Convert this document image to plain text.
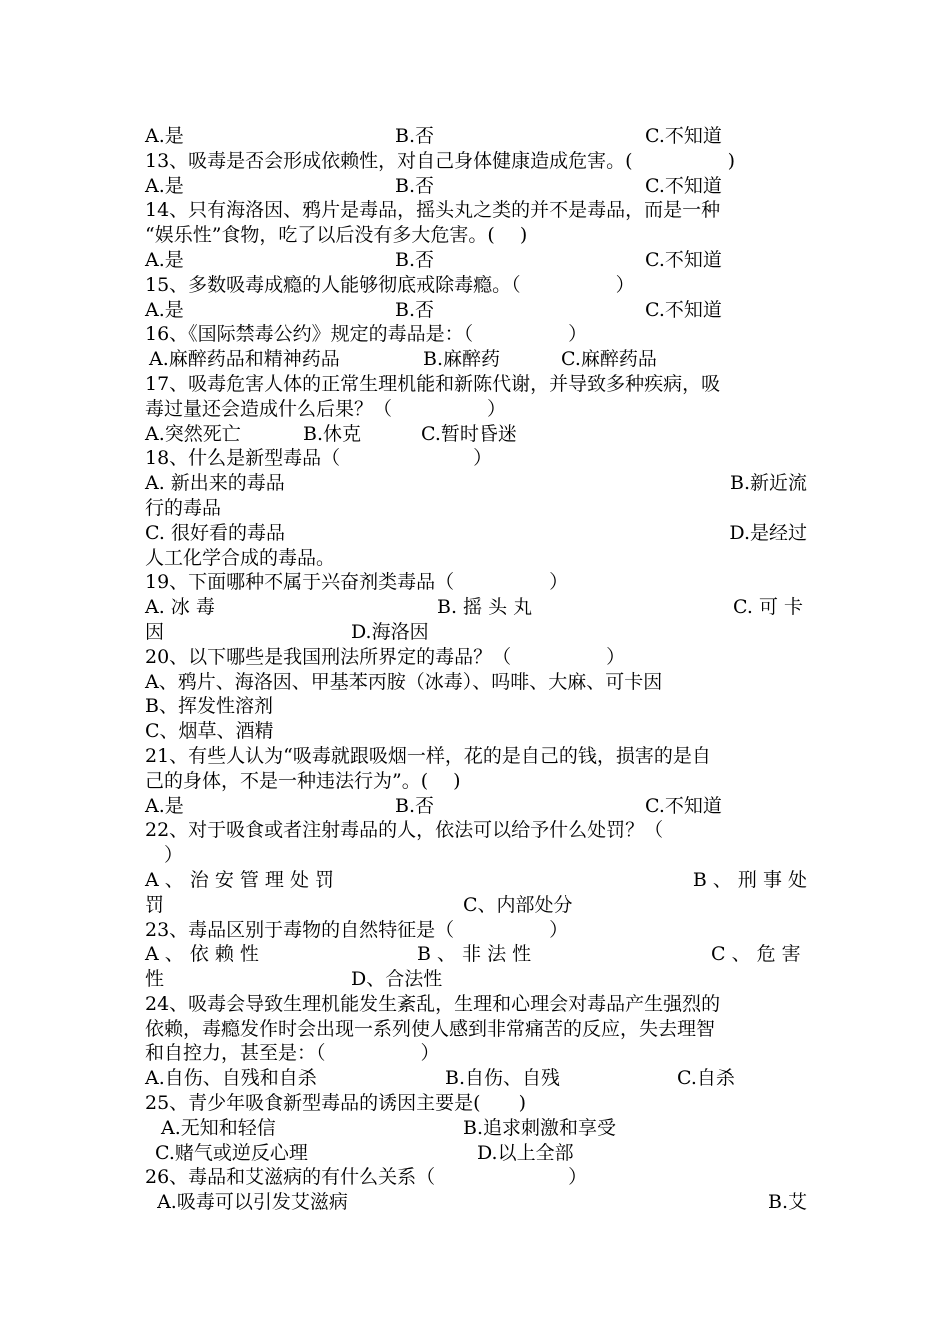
A.是	B.否	C.不知道
13、吸毒是否会形成依赖性，对自己身体健康造成危害。(　　　　　)
A.是	B.否	C.不知道
14、只有海洛因、鸦片是毒品，摇头丸之类的并不是毒品，而是一种
“娱乐性”食物，吃了以后没有多大危害。(　 )
A.是	B.否	C.不知道
15、多数吸毒成瘾的人能够彻底戒除毒瘾。（　　　　　）
A.是	B.否	C.不知道
16、《国际禁毒公约》规定的毒品是：（　　　　　）
A.麻醉药品和精神药品	B.麻醉药	C.麻醉药品
17、吸毒危害人体的正常生理机能和新陈代谢，并导致多种疾病，吸
毒过量还会造成什么后果？（　　　　　）
A.突然死亡	B.休克	C.暂时昏迷
18、什么是新型毒品（　　　　　　　）
A. 新出来的毒品	B.新近流
行的毒品
C. 很好看的毒品	D.是经过
人工化学合成的毒品。
19、下面哪种不属于兴奋剂类毒品（　　　　　）
A. 冰 毒	B. 摇 头 丸	C. 可 卡
因	D.海洛因
20、以下哪些是我国刑法所界定的毒品？（　　　　　）
A、鸦片、海洛因、甲基苯丙胺（冰毒）、吗啡、大麻、可卡因
B、挥发性溶剂
C、烟草、酒精
21、有些人认为“吸毒就跟吸烟一样，花的是自己的钱，损害的是自
己的身体，不是一种违法行为”。(　 )
A.是	B.否	C.不知道
22、对于吸食或者注射毒品的人，依法可以给予什么处罚？（
　）
A 、 治 安 管 理 处 罚	B 、 刑 事 处
罚	C、内部处分
23、毒品区别于毒物的自然特征是（　　　　　）
A 、 依 赖 性	B 、 非 法 性	C 、 危 害
性	D、合法性
24、吸毒会导致生理机能发生紊乱，生理和心理会对毒品产生强烈的
依赖，毒瘾发作时会出现一系列使人感到非常痛苦的反应，失去理智
和自控力，甚至是：（　　　　　）
A.自伤、自残和自杀	B.自伤、自残	C.自杀
25、青少年吸食新型毒品的诱因主要是(　　)
A.无知和轻信	B.追求刺激和享受
C.赌气或逆反心理	D.以上全部
26、毒品和艾滋病的有什么关系（　　　　　　　）
A.吸毒可以引发艾滋病	B.艾
